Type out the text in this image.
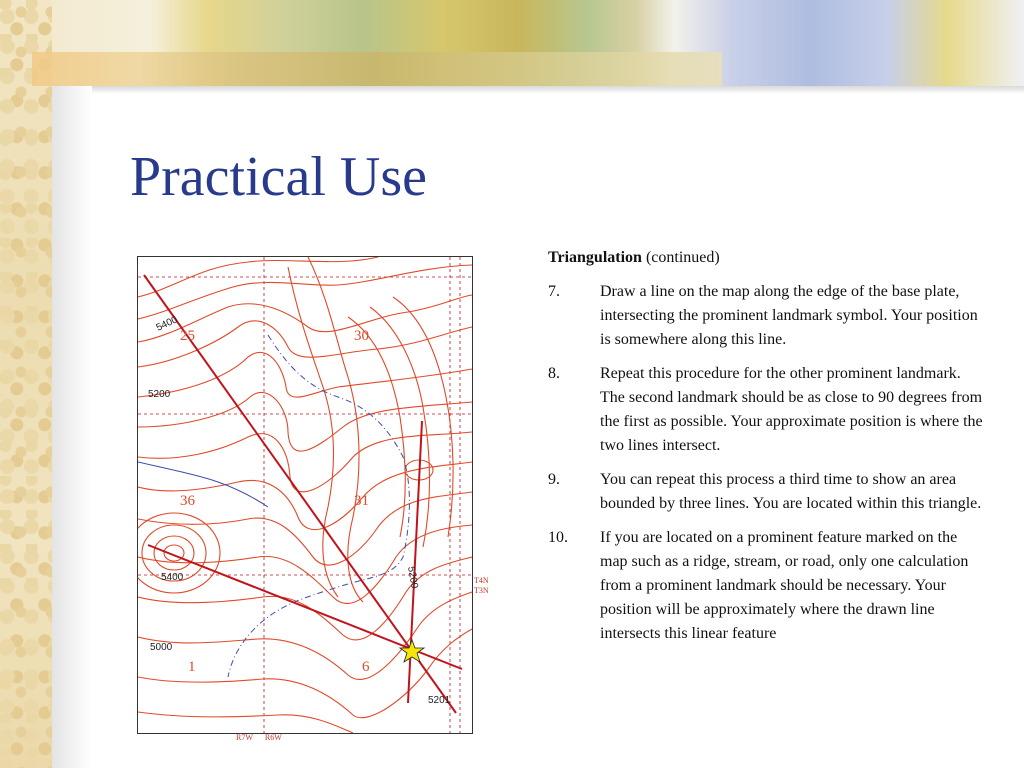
Practical Use
25	30
36	31
1	6
5400
5200
5400
5000
5200
5201
R7W R6W
T4N
T3N

Triangulation (continued)

7.	Draw a line on the map along the edge of the base plate, intersecting the prominent landmark symbol. Your position is somewhere along this line.
8.	Repeat this procedure for the other prominent landmark. The second landmark should be as close to 90 degrees from the first as possible. Your approximate position is where the two lines intersect.
9.	You can repeat this process a third time to show an area bounded by three lines. You are located within this triangle.
10.	If you are located on a prominent feature marked on the map such as a ridge, stream, or road, only one calculation from a prominent landmark should be necessary. Your position will be approximately where the drawn line intersects this linear feature
